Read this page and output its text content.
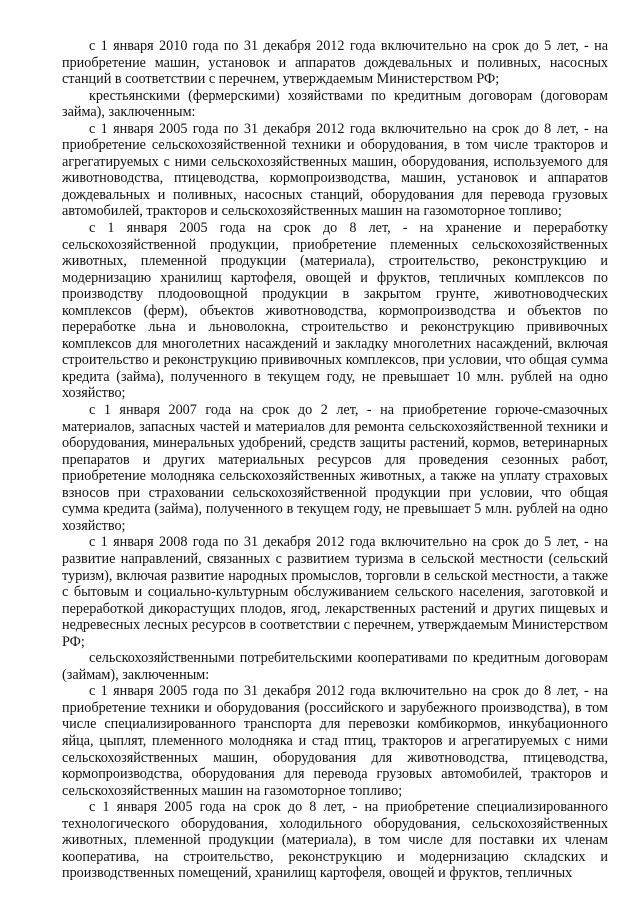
с 1 января 2010 года по 31 декабря 2012 года включительно на срок до 5 лет, - на приобретение машин, установок и аппаратов дождевальных и поливных, насосных станций в соответствии с перечнем, утверждаемым Министерством РФ;

крестьянскими (фермерскими) хозяйствами по кредитным договорам (договорам займа), заключенным:

с 1 января 2005 года по 31 декабря 2012 года включительно на срок до 8 лет, - на приобретение сельскохозяйственной техники и оборудования, в том числе тракторов и агрегатируемых с ними сельскохозяйственных машин, оборудования, используемого для животноводства, птицеводства, кормопроизводства, машин, установок и аппаратов дождевальных и поливных, насосных станций, оборудования для перевода грузовых автомобилей, тракторов и сельскохозяйственных машин на газомоторное топливо;

с 1 января 2005 года на срок до 8 лет, - на хранение и переработку сельскохозяйственной продукции, приобретение племенных сельскохозяйственных животных, племенной продукции (материала), строительство, реконструкцию и модернизацию хранилищ картофеля, овощей и фруктов, тепличных комплексов по производству плодоовощной продукции в закрытом грунте, животноводческих комплексов (ферм), объектов животноводства, кормопроизводства и объектов по переработке льна и льноволокна, строительство и реконструкцию прививочных комплексов для многолетних насаждений и закладку многолетних насаждений, включая строительство и реконструкцию прививочных комплексов, при условии, что общая сумма кредита (займа), полученного в текущем году, не превышает 10 млн. рублей на одно хозяйство;

с 1 января 2007 года на срок до 2 лет, - на приобретение горюче-смазочных материалов, запасных частей и материалов для ремонта сельскохозяйственной техники и оборудования, минеральных удобрений, средств защиты растений, кормов, ветеринарных препаратов и других материальных ресурсов для проведения сезонных работ, приобретение молодняка сельскохозяйственных животных, а также на уплату страховых взносов при страховании сельскохозяйственной продукции при условии, что общая сумма кредита (займа), полученного в текущем году, не превышает 5 млн. рублей на одно хозяйство;

с 1 января 2008 года по 31 декабря 2012 года включительно на срок до 5 лет, - на развитие направлений, связанных с развитием туризма в сельской местности (сельский туризм), включая развитие народных промыслов, торговли в сельской местности, а также с бытовым и социально-культурным обслуживанием сельского населения, заготовкой и переработкой дикорастущих плодов, ягод, лекарственных растений и других пищевых и недревесных лесных ресурсов в соответствии с перечнем, утверждаемым Министерством РФ;

сельскохозяйственными потребительскими кооперативами по кредитным договорам (займам), заключенным:

с 1 января 2005 года по 31 декабря 2012 года включительно на срок до 8 лет, - на приобретение техники и оборудования (российского и зарубежного производства), в том числе специализированного транспорта для перевозки комбикормов, инкубационного яйца, цыплят, племенного молодняка и стад птиц, тракторов и агрегатируемых с ними сельскохозяйственных машин, оборудования для животноводства, птицеводства, кормопроизводства, оборудования для перевода грузовых автомобилей, тракторов и сельскохозяйственных машин на газомоторное топливо;

с 1 января 2005 года на срок до 8 лет, - на приобретение специализированного технологического оборудования, холодильного оборудования, сельскохозяйственных животных, племенной продукции (материала), в том числе для поставки их членам кооператива, на строительство, реконструкцию и модернизацию складских и производственных помещений, хранилищ картофеля, овощей и фруктов, тепличных
